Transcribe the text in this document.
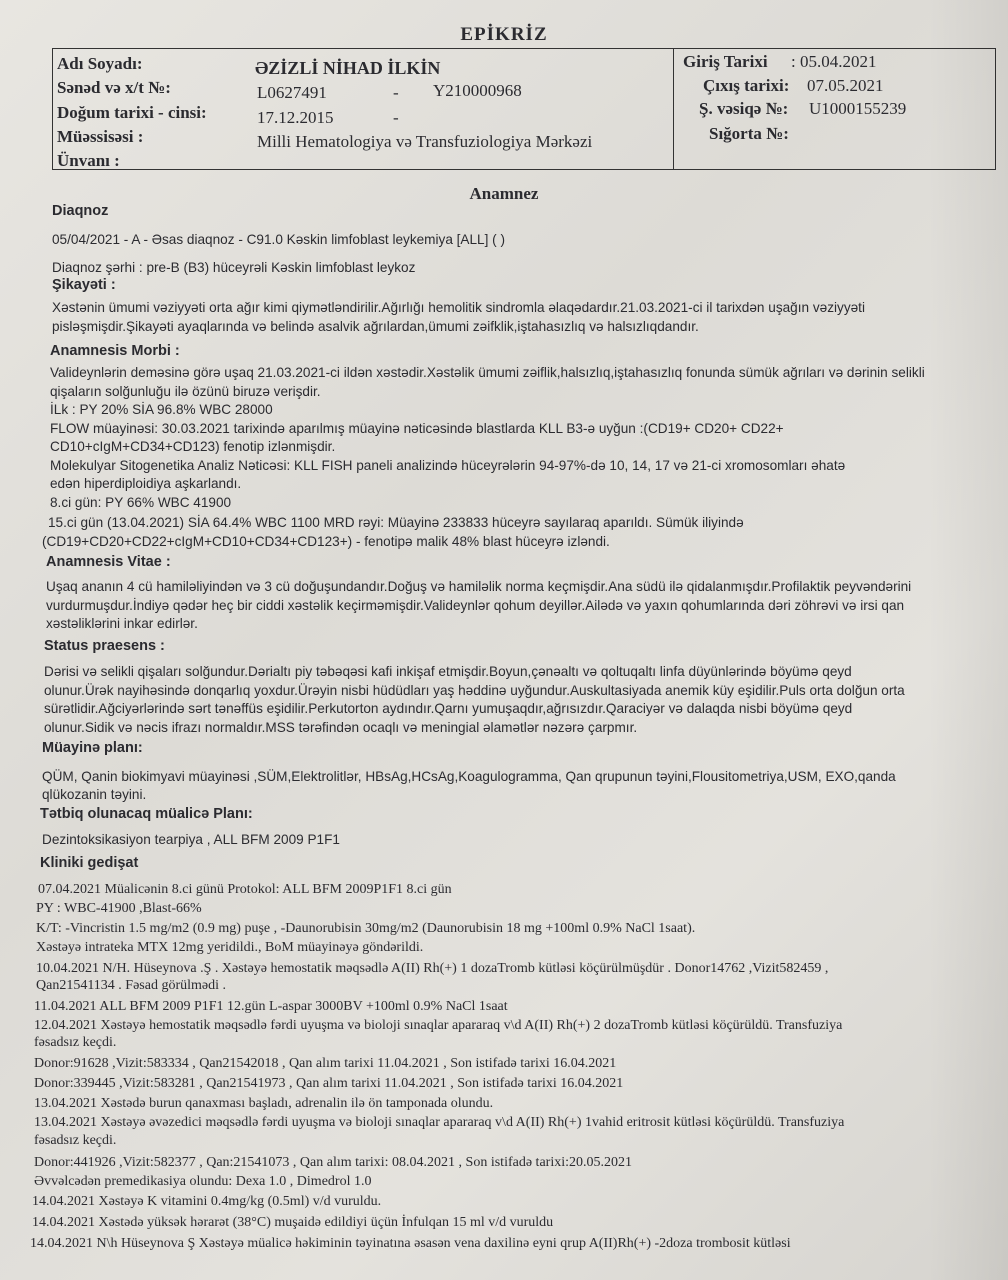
EPİKRİZ
Adı Soyadı:	ƏZİZLİ NİHAD İLKİN
Sənəd və x/t №:	L0627491	- Y210000968
Doğum tarixi - cinsi:	17.12.2015	-
Müəssisəsi :	Milli Hematologiya və Transfuziologiya Mərkəzi
Ünvanı :
Giriş Tarixi : 05.04.2021
Çıxış tarixi: 07.05.2021
Ş. vəsiqə №: U1000155239
Sığorta №:
Anamnez
Diaqnoz
05/04/2021 - A - Əsas diaqnoz - C91.0 Kəskin limfoblast leykemiya [ALL] ( )
Diaqnoz şərhi : pre-B (B3) hüceyrəli Kəskin limfoblast leykoz
Şikayəti :
Xəstənin ümumi vəziyyəti orta ağır kimi qiymətləndirilir.Ağırlığı hemolitik sindromla əlaqədardır.21.03.2021-ci il tarixdən uşağın vəziyyəti
pisləşmişdir.Şikayəti ayaqlarında və belində asalvik ağrılardan,ümumi zəifklik,iştahasızlıq və halsızlıqdandır.
Anamnesis Morbi :
Valideynlərin deməsinə görə uşaq 21.03.2021-ci ildən xəstədir.Xəstəlik ümumi zəiflik,halsızlıq,iştahasızlıq fonunda sümük ağrıları və dərinin selikli
qişaların solğunluğu ilə özünü biruzə verişdir.
İLk : PY 20% SİA 96.8% WBC 28000
FLOW müayinəsi: 30.03.2021 tarixində aparılmış müayinə nəticəsində blastlarda KLL B3-ə uyğun :(CD19+ CD20+ CD22+
CD10+cIgM+CD34+CD123) fenotip izlənmişdir.
Molekulyar Sitogenetika Analiz Nəticəsi: KLL FISH paneli analizində hüceyrələrin 94-97%-də 10, 14, 17 və 21-ci xromosomları əhatə
edən hiperdiploidiya aşkarlandı.
8.ci gün: PY 66% WBC 41900
15.ci gün (13.04.2021) SİA 64.4% WBC 1100 MRD rəyi: Müayinə 233833 hüceyrə sayılaraq aparıldı. Sümük iliyində
(CD19+CD20+CD22+cIgM+CD10+CD34+CD123+) - fenotipə malik 48% blast hüceyrə izləndi.
Anamnesis Vitae :
Uşaq ananın 4 cü hamiləliyindən və 3 cü doğuşundandır.Doğuş və hamiləlik norma keçmişdir.Ana südü ilə qidalanmışdır.Profilaktik peyvəndərini
vurdurmuşdur.İndiyə qədər heç bir ciddi xəstəlik keçirməmişdir.Valideynlər qohum deyillər.Ailədə və yaxın qohumlarında dəri zöhrəvi və irsi qan
xəstəliklərini inkar edirlər.
Status praesens :
Dərisi və selikli qişaları solğundur.Dərialtı piy təbəqəsi kafi inkişaf etmişdir.Boyun,çənəaltı və qoltuqaltı linfa düyünlərində böyümə qeyd
olunur.Ürək nayihəsində donqarlıq yoxdur.Ürəyin nisbi hüdüdları yaş həddinə uyğundur.Auskultasiyada anemik küy eşidilir.Puls orta dolğun orta
sürətlidir.Ağciyərlərində sərt tənəffüs eşidilir.Perkutorton aydındır.Qarnı yumuşaqdır,ağrısızdır.Qaraciyər və dalaqda nisbi böyümə qeyd
olunur.Sidik və nəcis ifrazı normaldır.MSS tərəfindən ocaqlı və meningial əlamətlər nəzərə çarpmır.
Müayinə planı:
QÜM, Qanin biokimyavi müayinəsi ,SÜM,Elektrolitlər, HBsAg,HCsAg,Koagulogramma, Qan qrupunun təyini,Flousitometriya,USM, EXO,qanda
qlükozanin təyini.
Tətbiq olunacaq müalicə Planı:
Dezintoksikasiyon tearpiya , ALL BFM 2009 P1F1
Kliniki gedişat
07.04.2021 Müalicənin 8.ci günü Protokol: ALL BFM 2009P1F1 8.ci gün
PY : WBC-41900 ,Blast-66%
K/T: -Vincristin 1.5 mg/m2 (0.9 mg) puşe , -Daunorubisin 30mg/m2 (Daunorubisin 18 mg +100ml 0.9% NaCl 1saat).
Xəstəyə intrateka MTX 12mg yeridildi., BoM müayinəyə göndərildi.
10.04.2021 N/H. Hüseynova .Ş . Xəstəyə hemostatik məqsədlə A(II) Rh(+) 1 dozaTromb kütləsi köçürülmüşdür . Donor14762 ,Vizit582459 ,
Qan21541134 . Fəsad görülmədi .
11.04.2021 ALL BFM 2009 P1F1 12.gün L-aspar 3000BV +100ml 0.9% NaCl 1saat
12.04.2021 Xəstəyə hemostatik məqsədlə fərdi uyuşma və bioloji sınaqlar apararaq v\d A(II) Rh(+) 2 dozaTromb kütləsi köçürüldü. Transfuziya
fəsadsız keçdi.
Donor:91628 ,Vizit:583334 , Qan21542018 , Qan alım tarixi 11.04.2021 , Son istifadə tarixi 16.04.2021
Donor:339445 ,Vizit:583281 , Qan21541973 , Qan alım tarixi 11.04.2021 , Son istifadə tarixi 16.04.2021
13.04.2021 Xəstədə burun qanaxması başladı, adrenalin ilə ön tamponada olundu.
13.04.2021 Xəstəyə əvəzedici məqsədlə fərdi uyuşma və bioloji sınaqlar apararaq v\d A(II) Rh(+) 1vahid eritrosit kütləsi köçürüldü. Transfuziya
fəsadsız keçdi.
Donor:441926 ,Vizit:582377 , Qan:21541073 , Qan alım tarixi: 08.04.2021 , Son istifadə tarixi:20.05.2021
Əvvəlcədən premedikasiya olundu: Dexa 1.0 , Dimedrol 1.0
14.04.2021 Xəstəyə K vitamini 0.4mg/kg (0.5ml) v/d vuruldu.
14.04.2021 Xəstədə yüksək hərarət (38°C) muşaidə edildiyi üçün İnfulqan 15 ml v/d vuruldu
14.04.2021 N\h Hüseynova Ş Xəstəyə müalicə həkiminin təyinatına əsasən vena daxilinə eyni qrup A(II)Rh(+) -2doza trombosit kütləsi
